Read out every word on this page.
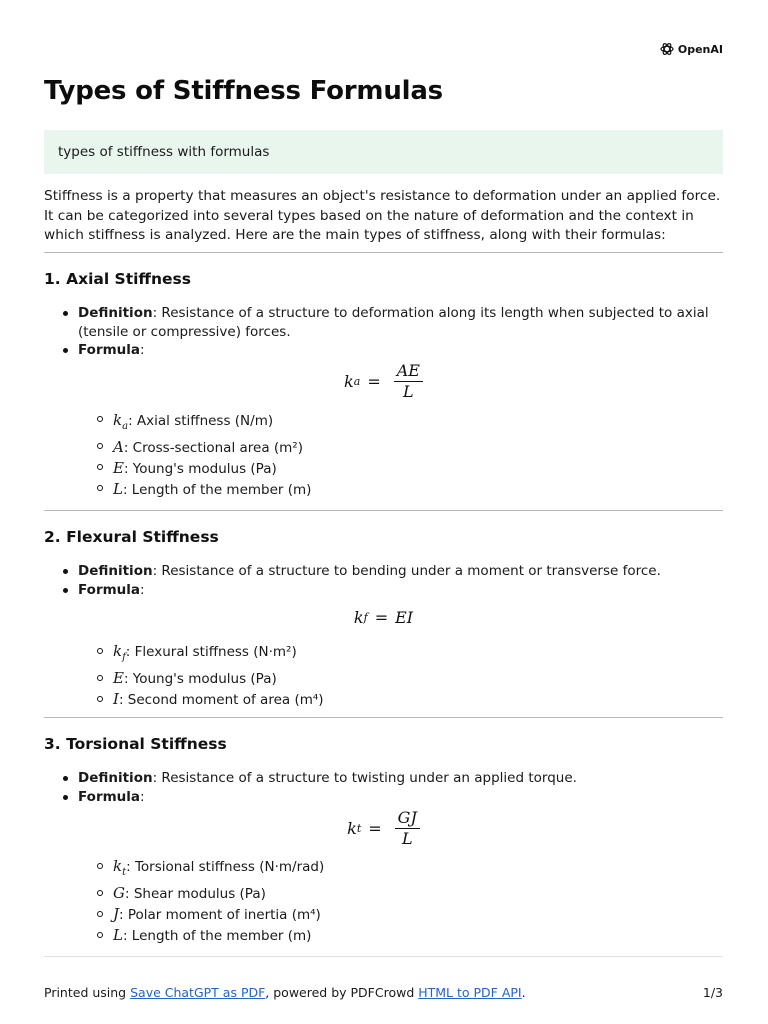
OpenAI
Types of Stiffness Formulas
types of stiffness with formulas

Stiffness is a property that measures an object's resistance to deformation under an applied force. It can be categorized into several types based on the nature of deformation and the context in which stiffness is analyzed. Here are the main types of stiffness, along with their formulas:

1. Axial Stiffness
Definition: Resistance of a structure to deformation along its length when subjected to axial (tensile or compressive) forces.
Formula:
k $a = \frac{AE}{L}$
$k_a$: Axial stiffness (N/m)
A: Cross-sectional area (m²)
E: Young's modulus (Pa)
L: Length of the member (m)
2. Flexural Stiffness
Definition: Resistance of a structure to bending under a moment or transverse force.
Formula:
k f = EI
$k_f$: Flexural stiffness (N·m²)
E: Young's modulus (Pa)
I: Second moment of area (m⁴)
3. Torsional Stiffness
Definition: Resistance of a structure to twisting under an applied torque.
Formula:
k $t = \frac{GJ}{L}$
$k_t$: Torsional stiffness (N·m/rad)
G: Shear modulus (Pa)
J: Polar moment of inertia (m⁴)
L: Length of the member (m)
Printed using Save ChatGPT as PDF, powered by PDFCrowd HTML to PDF API.	1/3
